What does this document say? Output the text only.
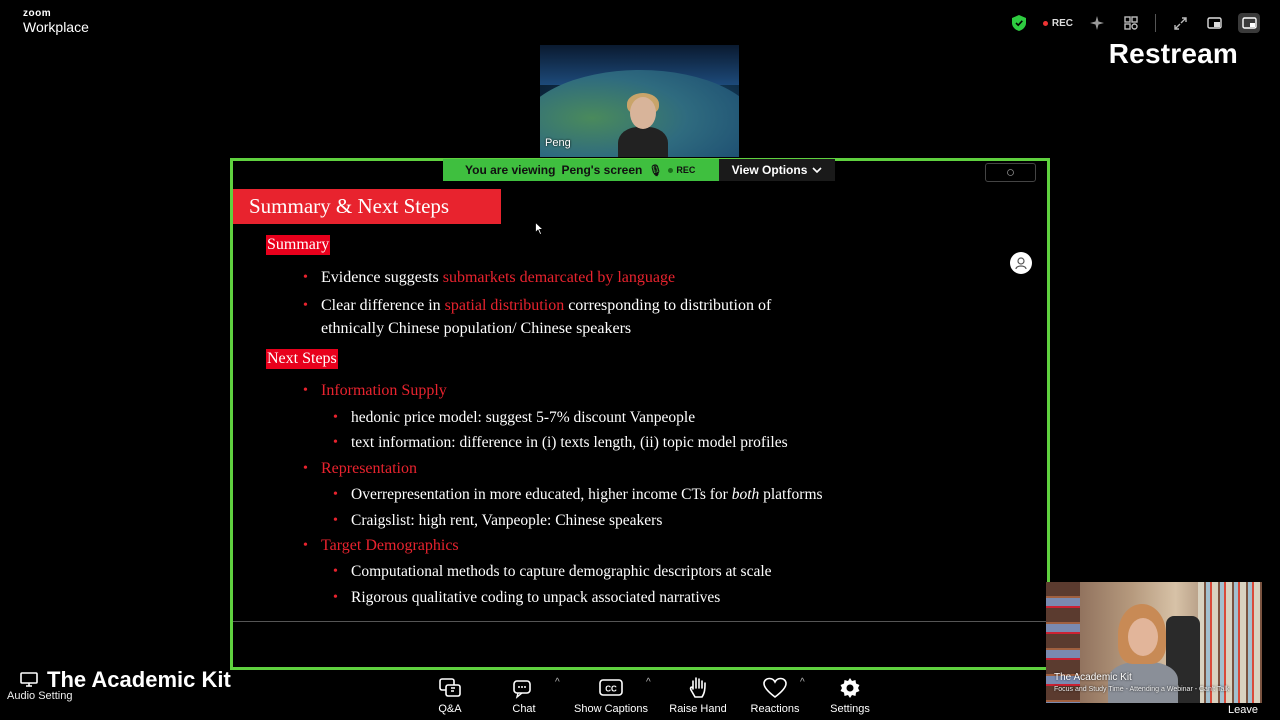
zoom
Workplace	REC
Restream
Peng
You are viewing Peng's screen 🎙 REC	View Options
Summary & Next Steps
Summary
• Evidence suggests submarkets demarcated by language
• Clear difference in spatial distribution corresponding to distribution of
ethnically Chinese population/ Chinese speakers
Next Steps
• Information Supply
• hedonic price model: suggest 5-7% discount Vanpeople
• text information: difference in (i) texts length, (ii) topic model profiles
• Representation
• Overrepresentation in more educated, higher income CTs for both platforms
• Craigslist: high rent, Vanpeople: Chinese speakers
• Target Demographics
• Computational methods to capture demographic descriptors at scale
• Rigorous qualitative coding to unpack associated narratives
The Academic Kit
Audio Setting
Q&A	Chat
^
CC
Show Captions
^
Raise Hand Reactions
^
Settings
The Academic Kit
Focus and Study Time - Attending a Webinar - Can't Talk
Leave
